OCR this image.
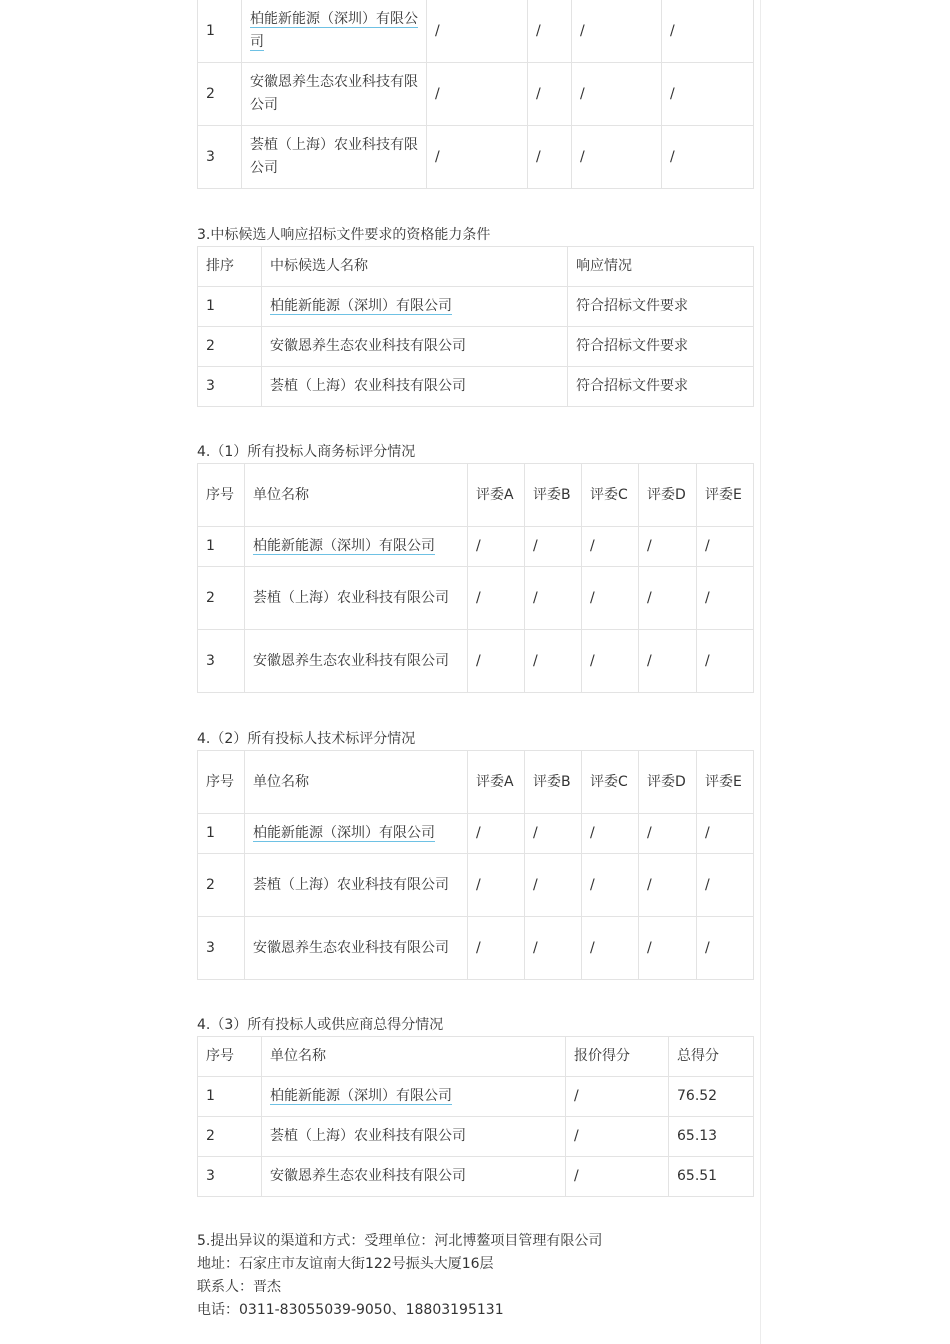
1	柏能新能源（深圳）有限公司	/	/	/	/
2	安徽恩养生态农业科技有限公司	/	/	/	/
3	荟植（上海）农业科技有限公司	/	/	/	/
3.中标候选人响应招标文件要求的资格能力条件
排序	中标候选人名称	响应情况
1	柏能新能源（深圳）有限公司	符合招标文件要求
2	安徽恩养生态农业科技有限公司	符合招标文件要求
3	荟植（上海）农业科技有限公司	符合招标文件要求
4.（1）所有投标人商务标评分情况
序号	单位名称	评委A	评委B	评委C	评委D	评委E
1	柏能新能源（深圳）有限公司	/	/	/	/	/
2	荟植（上海）农业科技有限公司	/	/	/	/	/
3	安徽恩养生态农业科技有限公司	/	/	/	/	/
4.（2）所有投标人技术标评分情况
序号	单位名称	评委A	评委B	评委C	评委D	评委E
1	柏能新能源（深圳）有限公司	/	/	/	/	/
2	荟植（上海）农业科技有限公司	/	/	/	/	/
3	安徽恩养生态农业科技有限公司	/	/	/	/	/
4.（3）所有投标人或供应商总得分情况
序号	单位名称	报价得分	总得分
1	柏能新能源（深圳）有限公司	/	76.52
2	荟植（上海）农业科技有限公司	/	65.13
3	安徽恩养生态农业科技有限公司	/	65.51
5.提出异议的渠道和方式：受理单位：河北博鳌项目管理有限公司
地址：石家庄市友谊南大街122号振头大厦16层
联系人：晋杰
电话：0311-83055039-9050、18803195131
